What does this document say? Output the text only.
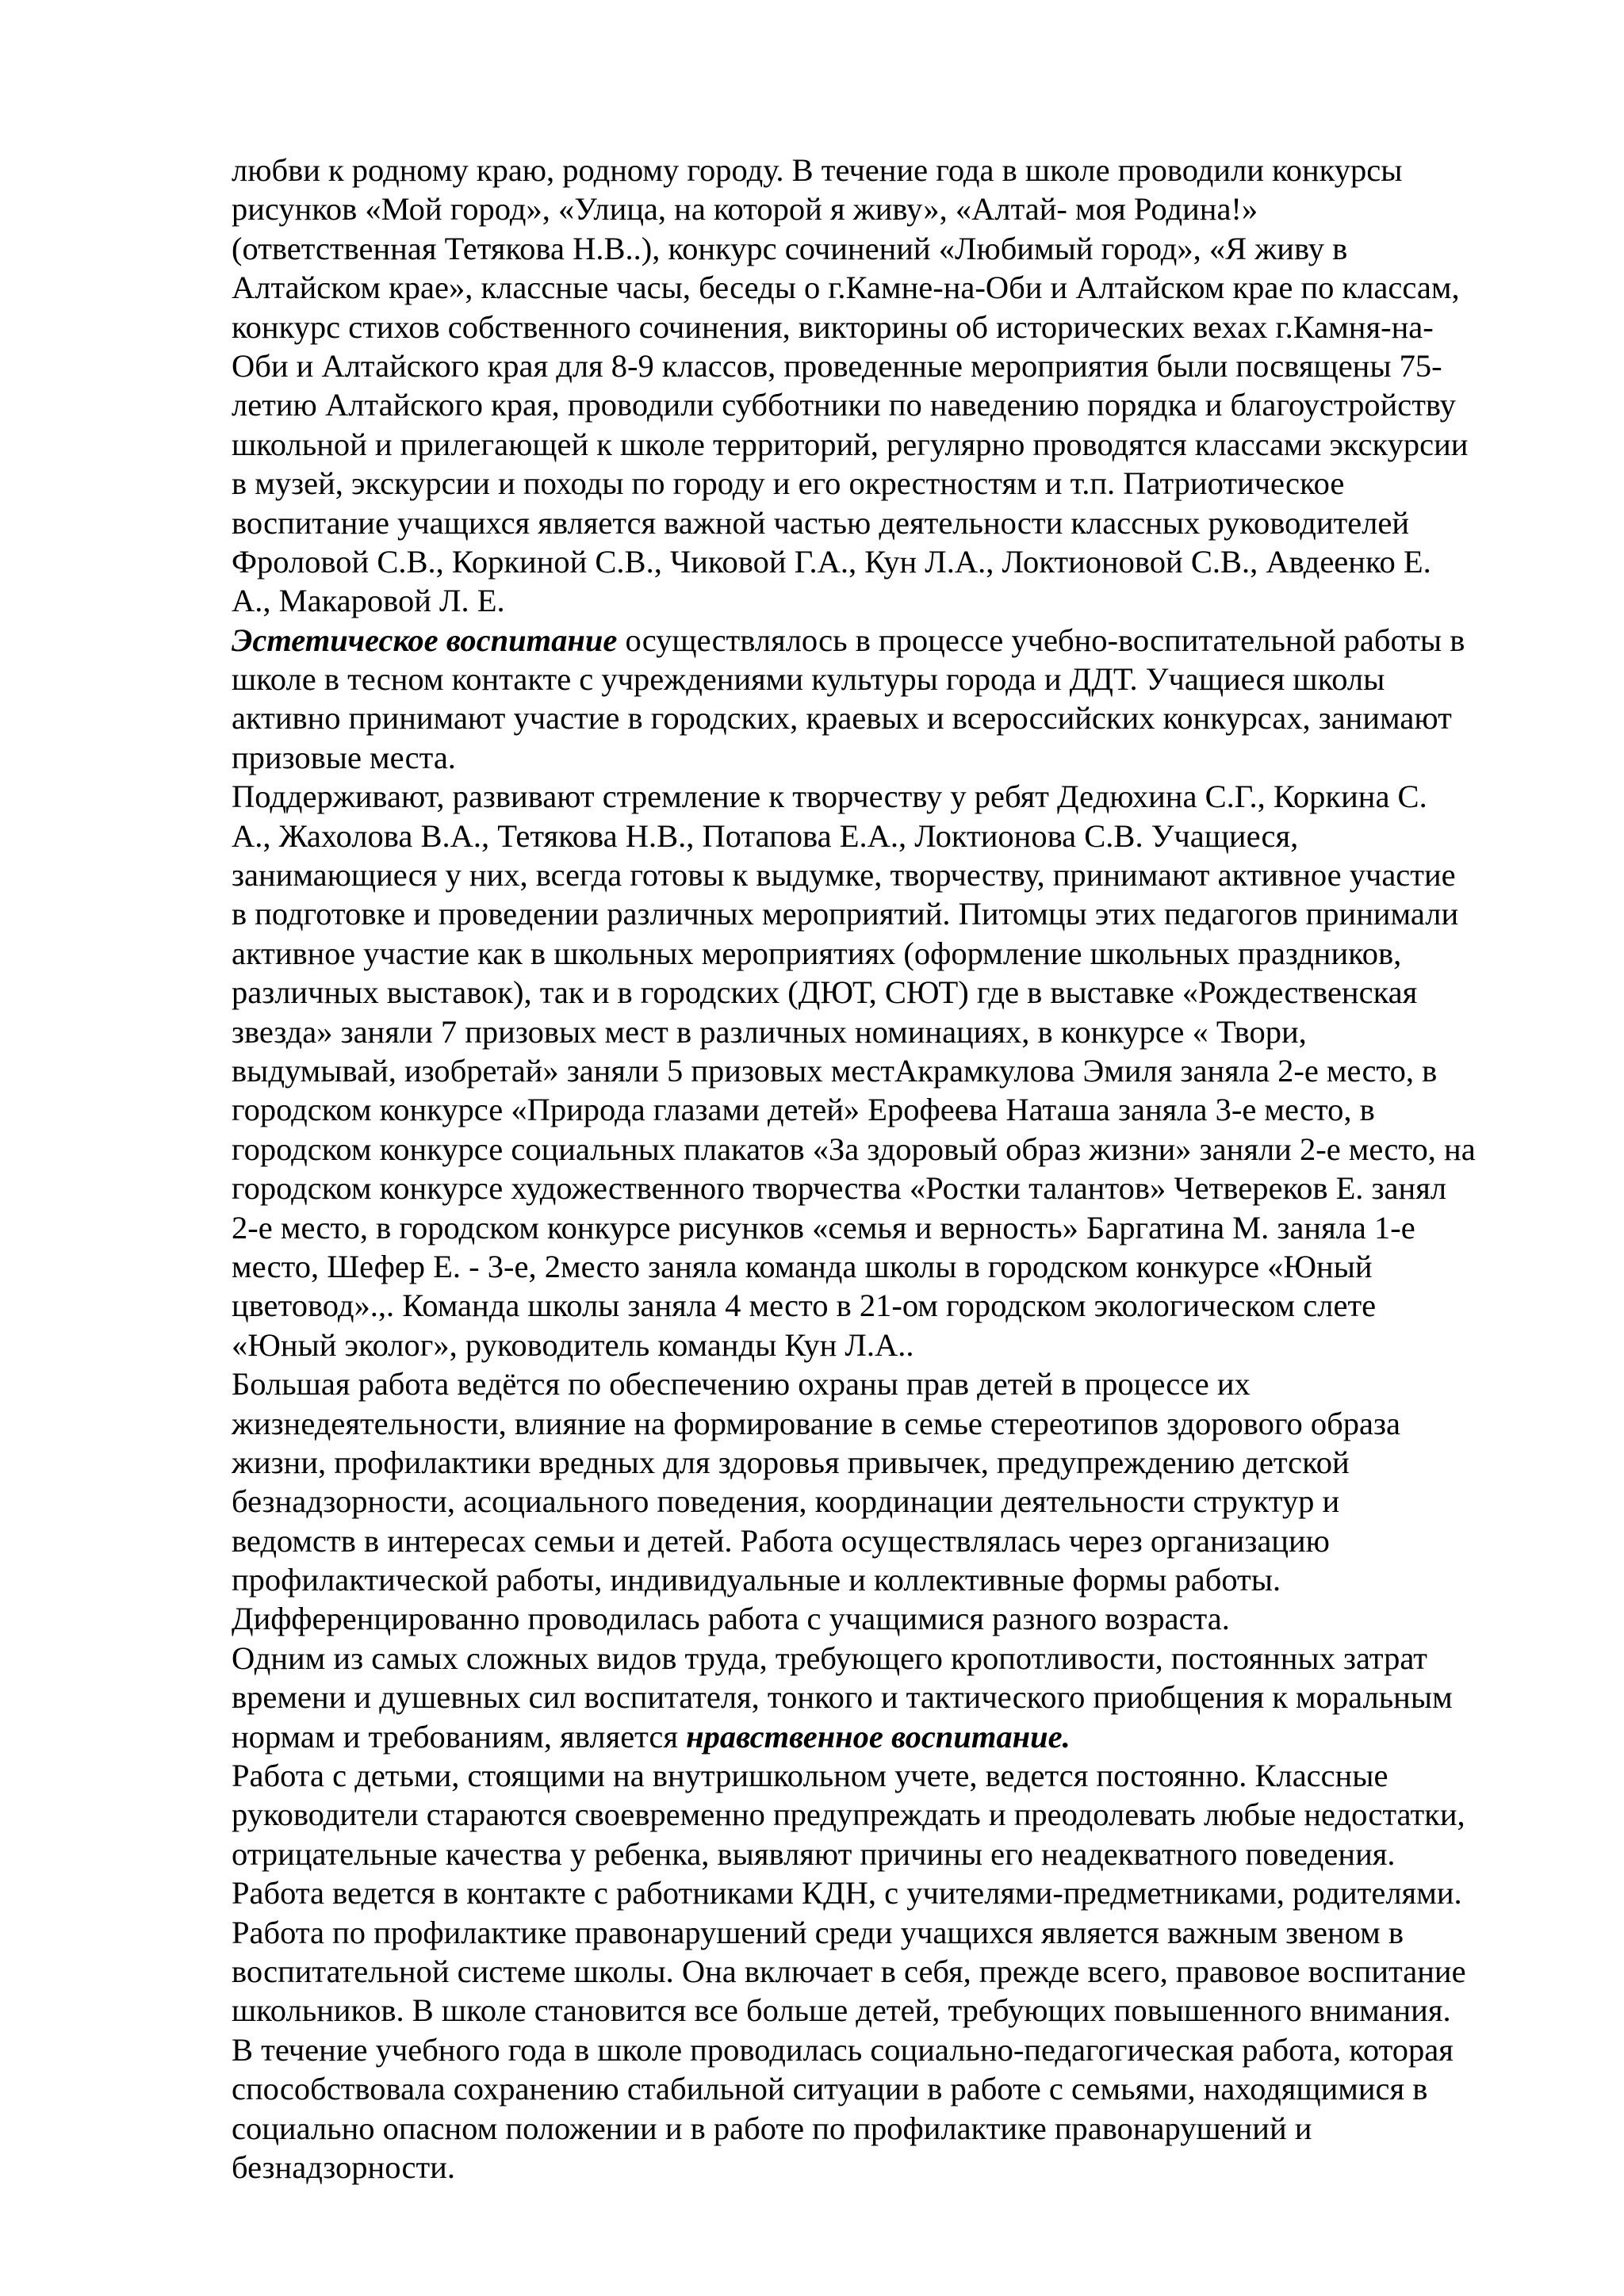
любви к родному краю, родному городу. В течение года в школе проводили конкурсы
рисунков «Мой город», «Улица, на которой я живу», «Алтай- моя Родина!»
(ответственная Тетякова Н.В..), конкурс сочинений «Любимый город», «Я живу в
Алтайском крае», классные часы, беседы о г.Камне-на-Оби и Алтайском крае по классам,
конкурс стихов собственного сочинения, викторины об исторических вехах г.Камня-на-
Оби и Алтайского края для 8-9 классов, проведенные мероприятия были посвящены 75-
летию Алтайского края, проводили субботники по наведению порядка и благоустройству
школьной и прилегающей к школе территорий, регулярно проводятся классами экскурсии
в музей, экскурсии и походы по городу и его окрестностям и т.п. Патриотическое
воспитание учащихся является важной частью деятельности классных руководителей
Фроловой С.В., Коркиной С.В., Чиковой Г.А., Кун Л.А., Локтионовой С.В., Авдеенко Е.
А., Макаровой Л. Е.
Эстетическое воспитание осуществлялось в процессе учебно-воспитательной работы в
школе в тесном контакте с учреждениями культуры города и ДДТ. Учащиеся школы
активно принимают участие в городских, краевых и всероссийских конкурсах, занимают
призовые места.
Поддерживают, развивают стремление к творчеству у ребят Дедюхина С.Г., Коркина С.
А., Жахолова В.А., Тетякова Н.В., Потапова Е.А., Локтионова С.В. Учащиеся,
занимающиеся у них, всегда готовы к выдумке, творчеству, принимают активное участие
в подготовке и проведении различных мероприятий. Питомцы этих педагогов принимали
активное участие как в школьных мероприятиях (оформление школьных праздников,
различных выставок), так и в городских (ДЮТ, СЮТ) где в выставке «Рождественская
звезда» заняли 7 призовых мест в различных номинациях, в конкурсе « Твори,
выдумывай, изобретай» заняли 5 призовых местАкрамкулова Эмиля заняла 2-е место, в
городском конкурсе «Природа глазами детей» Ерофеева Наташа заняла 3-е место, в
городском конкурсе социальных плакатов «За здоровый образ жизни» заняли 2-е место, на
городском конкурсе художественного творчества «Ростки талантов» Четвереков Е. занял
2-е место, в городском конкурсе рисунков «семья и верность» Баргатина М. заняла 1-е
место, Шефер Е. - 3-е, 2место заняла команда школы в городском конкурсе «Юный
цветовод».,. Команда школы заняла 4 место в 21-ом городском экологическом слете
«Юный эколог», руководитель команды Кун Л.А..
Большая работа ведётся по обеспечению охраны прав детей в процессе их
жизнедеятельности, влияние на формирование в семье стереотипов здорового образа
жизни, профилактики вредных для здоровья привычек, предупреждению детской
безнадзорности, асоциального поведения, координации деятельности структур и
ведомств в интересах семьи и детей. Работа осуществлялась через организацию
профилактической работы, индивидуальные и коллективные формы работы.
Дифференцированно проводилась работа с учащимися разного возраста.
Одним из самых сложных видов труда, требующего кропотливости, постоянных затрат
времени и душевных сил воспитателя, тонкого и тактического приобщения к моральным
нормам и требованиям, является нравственное воспитание.
Работа с детьми, стоящими на внутришкольном учете, ведется постоянно. Классные
руководители стараются своевременно предупреждать и преодолевать любые недостатки,
отрицательные качества у ребенка, выявляют причины его неадекватного поведения.
Работа ведется в контакте с работниками КДН, с учителями-предметниками, родителями.
Работа по профилактике правонарушений среди учащихся является важным звеном в
воспитательной системе школы. Она включает в себя, прежде всего, правовое воспитание
школьников. В школе становится все больше детей, требующих повышенного внимания.
В течение учебного года в школе проводилась социально-педагогическая работа, которая
способствовала сохранению стабильной ситуации в работе с семьями, находящимися в
социально опасном положении и в работе по профилактике правонарушений и
безнадзорности.
